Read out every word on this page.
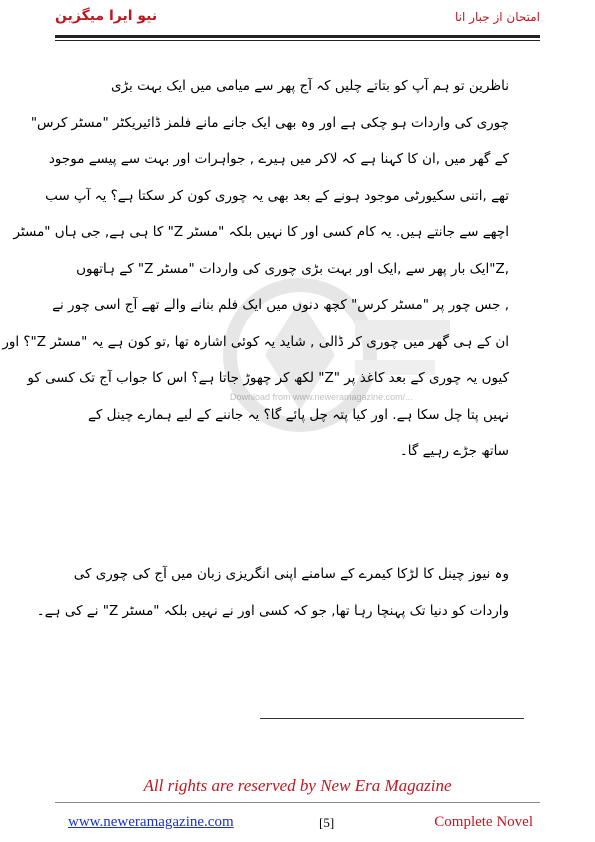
نیو ایرا میگزین	امتحان از جبار انا
Download from www.neweramagazine.com/...
ناظرین تو ہم آپ کو بتاتے چلیں کہ آج پھر سے میامی میں ایک بہت بڑی
چوری کی واردات ہو چکی ہے اور وہ بھی ایک جانے مانے فلمز ڈائیریکٹر "مسٹر کرس"
کے گھر میں ,ان کا کہنا ہے کہ لاکر میں ہیرے , جواہرات اور بہت سے پیسے موجود
تھے ,اتنی سکیورٹی موجود ہونے کے بعد بھی یہ چوری کون کر سکتا ہے؟ یہ آپ سب
اچھے سے جانتے ہیں. یہ کام کسی اور کا نہیں بلکہ "مسٹر Z" کا ہی ہے, جی ہاں "مسٹر
,Z"ایک بار پھر سے ,ایک اور بہت بڑی چوری کی واردات "مسٹر Z" کے ہاتھوں
, جس چور پر "مسٹر کرس" کچھ دنوں میں ایک فلم بنانے والے تھے آج اسی چور نے
ان کے ہی گھر میں چوری کر ڈالی , شاید یہ کوئی اشارہ تھا ,تو کون ہے یہ "مسٹر Z"؟ اور
کیوں یہ چوری کے بعد کاغذ پر "Z" لکھ کر چھوڑ جاتا ہے؟ اس کا جواب آج تک کسی کو
نہیں پتا چل سکا ہے. اور کیا پتہ چل پائے گا؟ یہ جاننے کے لیے ہمارے چینل کے
ساتھ جڑے رہیے گا۔
وہ نیوز چینل کا لڑکا کیمرے کے سامنے اپنی انگریزی زبان میں آج کی چوری کی
واردات کو دنیا تک پہنچا رہا تھا, جو کہ کسی اور نے نہیں بلکہ "مسٹر Z" نے کی ہے۔
All rights are reserved by New Era Magazine
www.neweramagazine.com	[5]	Complete Novel
